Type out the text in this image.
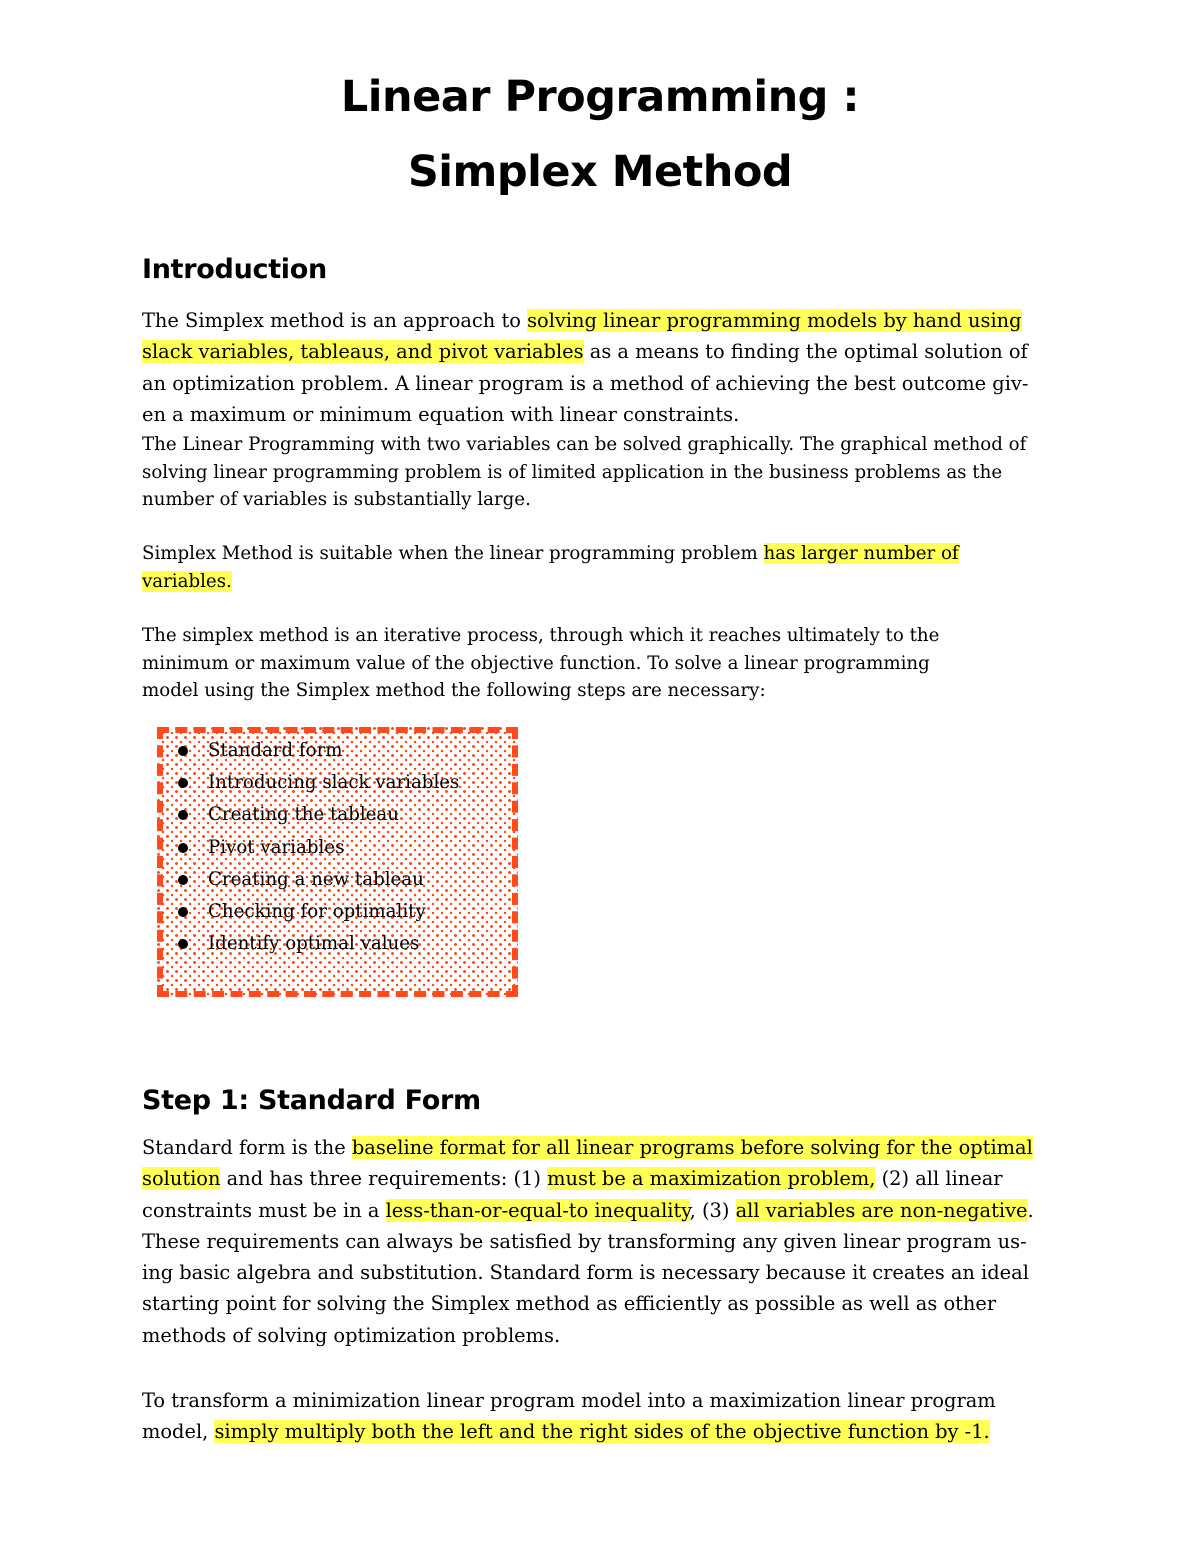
Linear Programming :
Simplex Method
Introduction

The Simplex method is an approach to solving linear programming models by hand using
slack variables, tableaus, and pivot variables as a means to finding the optimal solution of
an optimization problem. A linear program is a method of achieving the best outcome giv-
en a maximum or minimum equation with linear constraints.

The Linear Programming with two variables can be solved graphically. The graphical method of
solving linear programming problem is of limited application in the business problems as the
number of variables is substantially large.

Simplex Method is suitable when the linear programming problem has larger number of
variables.

The simplex method is an iterative process, through which it reaches ultimately to the
minimum or maximum value of the objective function. To solve a linear programming
model using the Simplex method the following steps are necessary:

Standard form
Introducing slack variables
Creating the tableau
Pivot variables
Creating a new tableau
Checking for optimality
Identify optimal values
Step 1: Standard Form

Standard form is the baseline format for all linear programs before solving for the optimal
solution and has three requirements: (1) must be a maximization problem, (2) all linear
constraints must be in a less-than-or-equal-to inequality, (3) all variables are non-negative.
These requirements can always be satisfied by transforming any given linear program us-
ing basic algebra and substitution. Standard form is necessary because it creates an ideal
starting point for solving the Simplex method as efficiently as possible as well as other
methods of solving optimization problems.

To transform a minimization linear program model into a maximization linear program
model, simply multiply both the left and the right sides of the objective function by -1.
